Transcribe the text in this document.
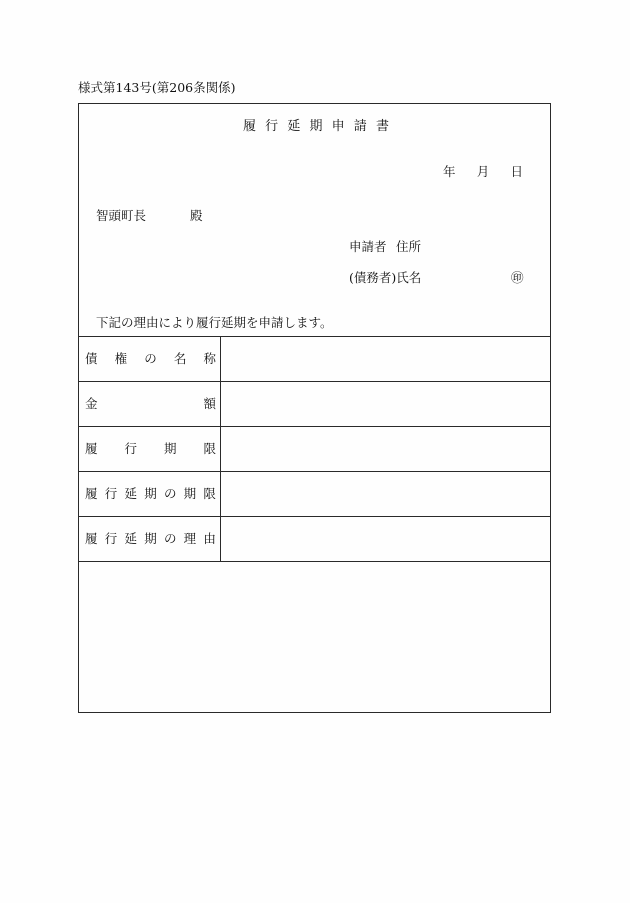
様式第143号(第206条関係)
履 行 延 期 申 請 書
年 月 日
智頭町長	殿
申請者 住所
(債務者)氏名	㊞
下記の理由により履行延期を申請します。
債 権 の 名 称
金	額
履 行 期 限
履 行 延 期 の 期 限
履 行 延 期 の 理 由
